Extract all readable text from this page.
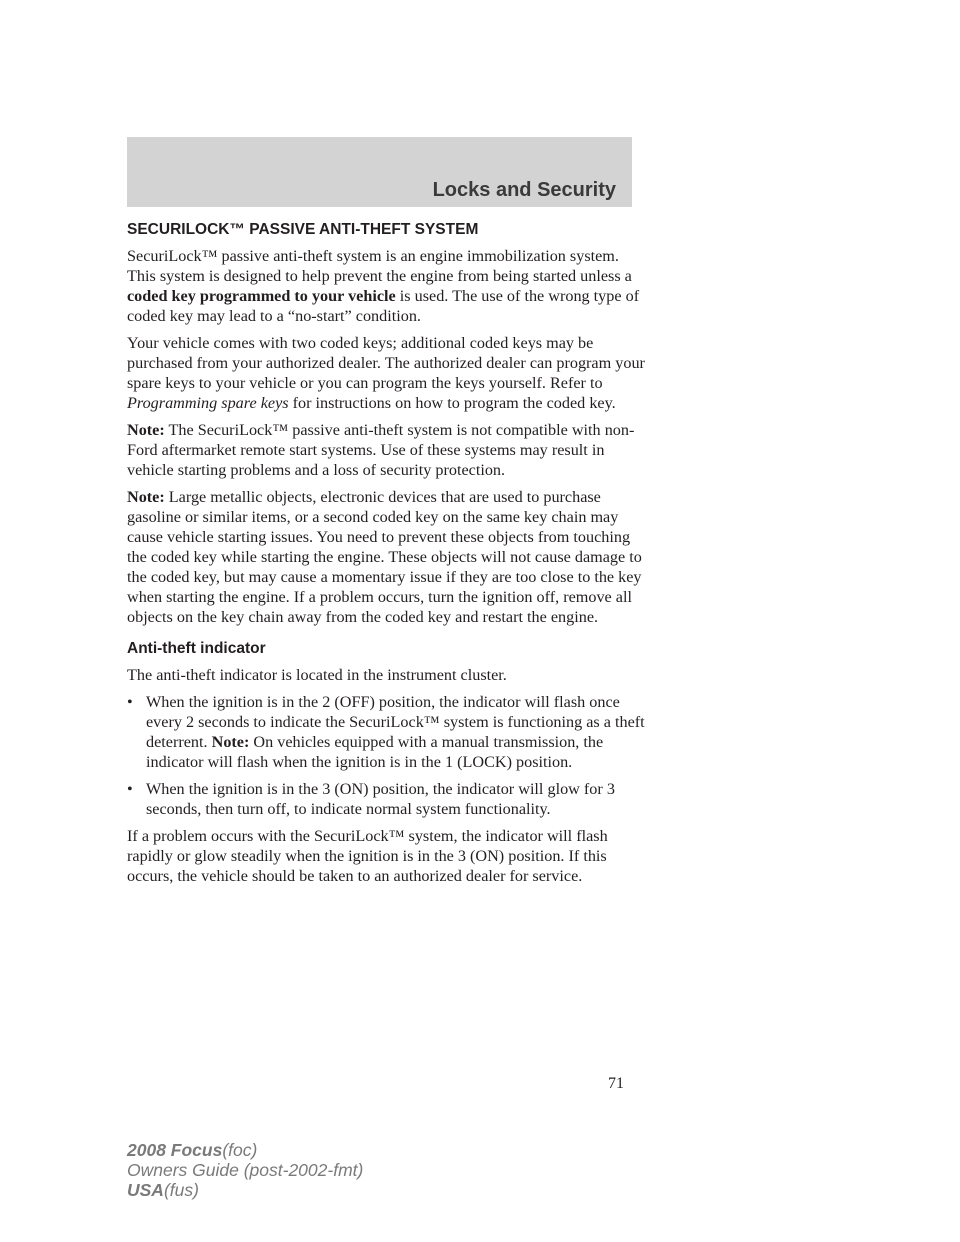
Locks and Security
SECURILOCK™ PASSIVE ANTI-THEFT SYSTEM

SecuriLock™ passive anti-theft system is an engine immobilization system. This system is designed to help prevent the engine from being started unless a coded key programmed to your vehicle is used. The use of the wrong type of coded key may lead to a “no-start” condition.

Your vehicle comes with two coded keys; additional coded keys may be purchased from your authorized dealer. The authorized dealer can program your spare keys to your vehicle or you can program the keys yourself. Refer to Programming spare keys for instructions on how to program the coded key.

Note: The SecuriLock™ passive anti-theft system is not compatible with non-Ford aftermarket remote start systems. Use of these systems may result in vehicle starting problems and a loss of security protection.

Note: Large metallic objects, electronic devices that are used to purchase gasoline or similar items, or a second coded key on the same key chain may cause vehicle starting issues. You need to prevent these objects from touching the coded key while starting the engine. These objects will not cause damage to the coded key, but may cause a momentary issue if they are too close to the key when starting the engine. If a problem occurs, turn the ignition off, remove all objects on the key chain away from the coded key and restart the engine.

Anti-theft indicator

The anti-theft indicator is located in the instrument cluster.

• When the ignition is in the 2 (OFF) position, the indicator will flash once every 2 seconds to indicate the SecuriLock™ system is functioning as a theft deterrent. Note: On vehicles equipped with a manual transmission, the indicator will flash when the ignition is in the 1 (LOCK) position.
• When the ignition is in the 3 (ON) position, the indicator will glow for 3 seconds, then turn off, to indicate normal system functionality.

If a problem occurs with the SecuriLock™ system, the indicator will flash rapidly or glow steadily when the ignition is in the 3 (ON) position. If this occurs, the vehicle should be taken to an authorized dealer for service.

71
2008 Focus(foc)
Owners Guide (post-2002-fmt)
USA(fus)
